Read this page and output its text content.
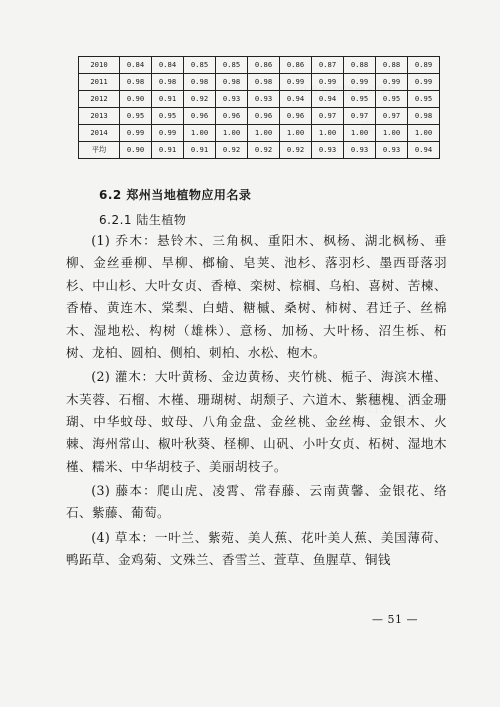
2010	0.84	0.84	0.85	0.85	0.86	0.86	0.87	0.88	0.88	0.89
2011	0.98	0.98	0.98	0.98	0.98	0.99	0.99	0.99	0.99	0.99
2012	0.90	0.91	0.92	0.93	0.93	0.94	0.94	0.95	0.95	0.95
2013	0.95	0.95	0.96	0.96	0.96	0.96	0.97	0.97	0.97	0.98
2014	0.99	0.99	1.00	1.00	1.00	1.00	1.00	1.00	1.00	1.00
平均	0.90	0.91	0.91	0.92	0.92	0.92	0.93	0.93	0.93	0.94
6.2 郑州当地植物应用名录
6.2.1 陆生植物

(1) 乔木：悬铃木、三角枫、重阳木、枫杨、湖北枫杨、垂柳、金丝垂柳、旱柳、榔榆、皂荚、池杉、落羽杉、墨西哥落羽杉、中山杉、大叶女贞、香樟、栾树、棕榈、乌桕、喜树、苦楝、香椿、黄连木、棠梨、白蜡、糖槭、桑树、柿树、君迁子、丝棉木、湿地松、构树（雄株）、意杨、加杨、大叶杨、沼生栎、柘树、龙柏、圆柏、侧柏、刺柏、水松、枹木。

(2) 灌木：大叶黄杨、金边黄杨、夹竹桃、栀子、海滨木槿、木芙蓉、石榴、木槿、珊瑚树、胡颓子、六道木、紫穗槐、洒金珊瑚、中华蚊母、蚊母、八角金盘、金丝桃、金丝梅、金银木、火棘、海州常山、椒叶秋葵、柽柳、山矾、小叶女贞、柘树、湿地木槿、糯米、中华胡枝子、美丽胡枝子。

(3) 藤本：爬山虎、凌霄、常春藤、云南黄馨、金银花、络石、紫藤、葡萄。

(4) 草本：一叶兰、紫菀、美人蕉、花叶美人蕉、美国薄荷、鸭跖草、金鸡菊、文殊兰、香雪兰、萱草、鱼腥草、铜钱

— 51 —
